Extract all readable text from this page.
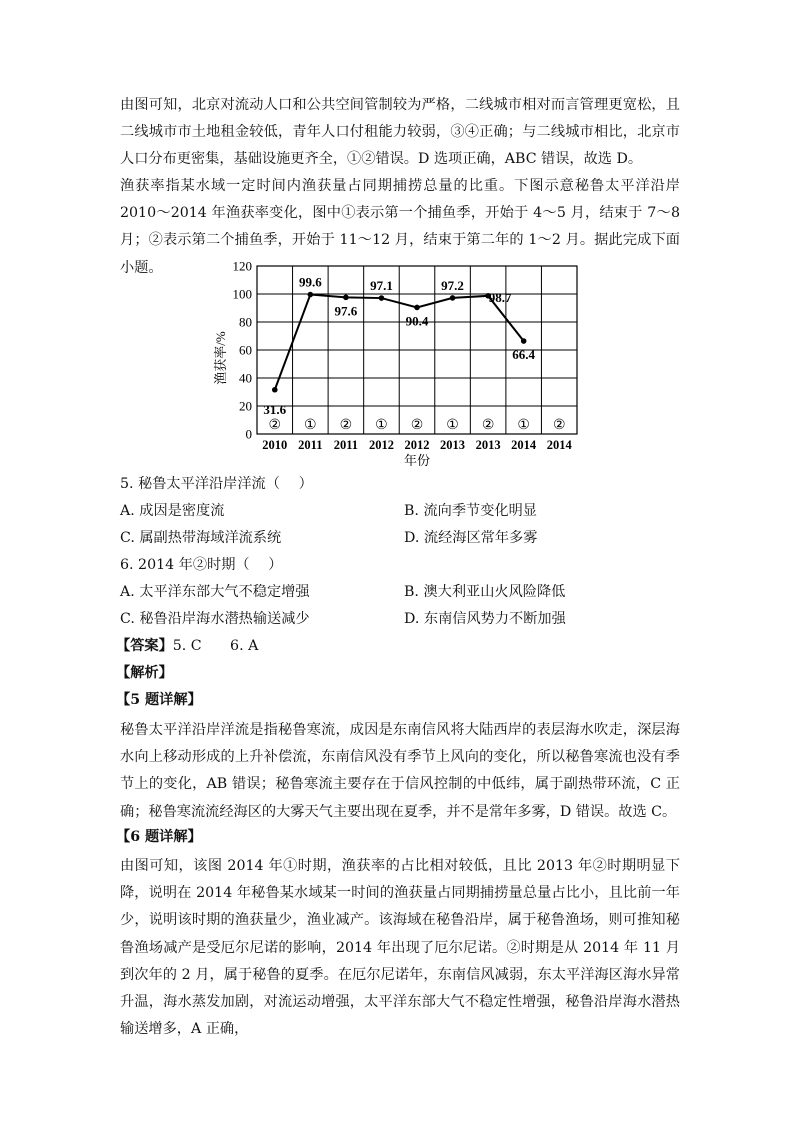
由图可知，北京对流动人口和公共空间管制较为严格，二线城市相对而言管理更宽松，且二线城市市土地租金较低，青年人口付租能力较弱，③④正确；与二线城市相比，北京市人口分布更密集，基础设施更齐全，①②错误。D 选项正确，ABC 错误，故选 D。

渔获率指某水域一定时间内渔获量占同期捕捞总量的比重。下图示意秘鲁太平洋沿岸 2010～2014 年渔获率变化，图中①表示第一个捕鱼季，开始于 4～5 月，结束于 7～8 月；②表示第二个捕鱼季，开始于 11～12 月，结束于第二年的 1～2 月。据此完成下面小题。

0
20
40
60
80
100
120
渔获率/%
② ① ② ① ② ① ② ① ②
2010 2011 2011 2012 2012 2013 2013 2014 2014
年份
31.6
99.6
97.6
97.1
90.4
97.2
98.7
66.4

5. 秘鲁太平洋沿岸洋流（　 ）

A. 成因是密度流	B. 流向季节变化明显

C. 属副热带海域洋流系统	D. 流经海区常年多雾

6. 2014 年②时期（　 ）

A. 太平洋东部大气不稳定增强	B. 澳大利亚山火风险降低

C. 秘鲁沿岸海水潜热输送减少	D. 东南信风势力不断加强

【答案】5. C　　6. A

【解析】

【5 题详解】

秘鲁太平洋沿岸洋流是指秘鲁寒流，成因是东南信风将大陆西岸的表层海水吹走，深层海水向上移动形成的上升补偿流，东南信风没有季节上风向的变化，所以秘鲁寒流也没有季节上的变化，AB 错误；秘鲁寒流主要存在于信风控制的中低纬，属于副热带环流，C 正确；秘鲁寒流流经海区的大雾天气主要出现在夏季，并不是常年多雾，D 错误。故选 C。

【6 题详解】

由图可知，该图 2014 年①时期，渔获率的占比相对较低，且比 2013 年②时期明显下降，说明在 2014 年秘鲁某水域某一时间的渔获量占同期捕捞量总量占比小，且比前一年少，说明该时期的渔获量少，渔业减产。该海域在秘鲁沿岸，属于秘鲁渔场，则可推知秘鲁渔场减产是受厄尔尼诺的影响，2014 年出现了厄尔尼诺。②时期是从 2014 年 11 月到次年的 2 月，属于秘鲁的夏季。在厄尔尼诺年，东南信风减弱，东太平洋海区海水异常升温，海水蒸发加剧，对流运动增强，太平洋东部大气不稳定性增强，秘鲁沿岸海水潜热输送增多，A 正确，
